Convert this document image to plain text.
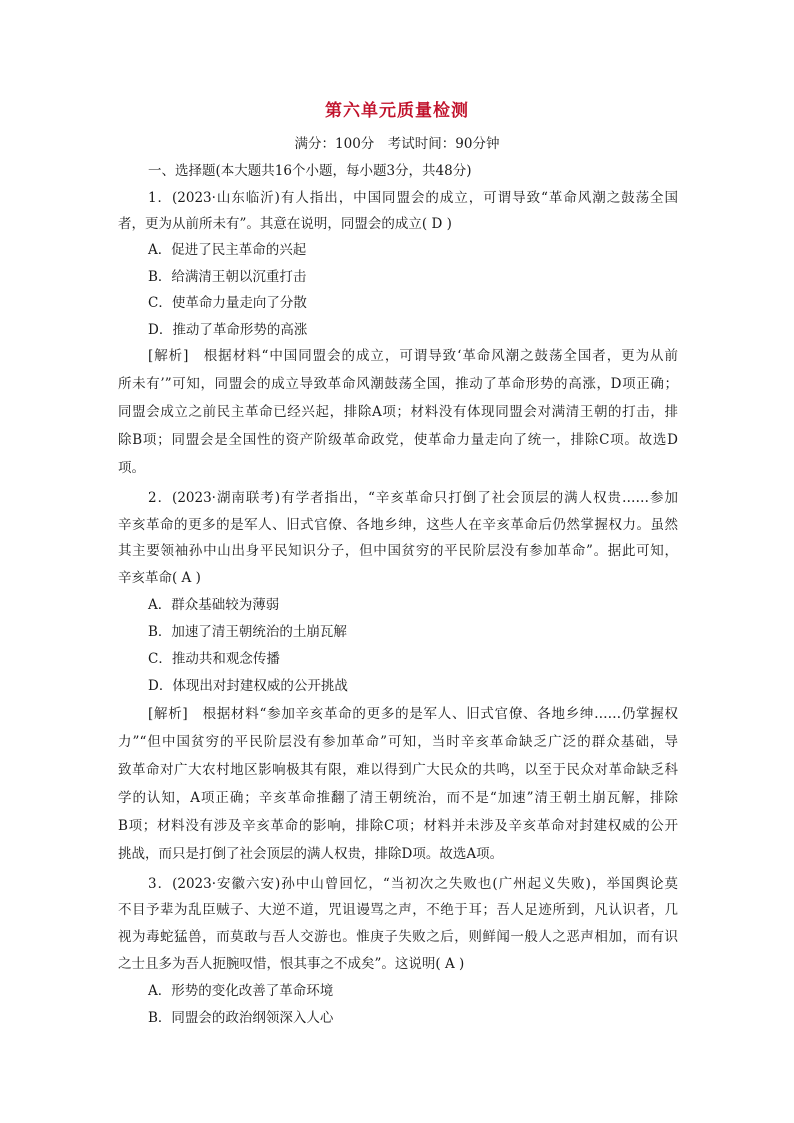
第六单元质量检测
满分：100分　考试时间：90分钟
一、选择题(本大题共16个小题，每小题3分，共48分)
1．(2023·山东临沂)有人指出，中国同盟会的成立，可谓导致“革命风潮之鼓荡全国
者，更为从前所未有”。其意在说明，同盟会的成立( D )
A．促进了民主革命的兴起
B．给满清王朝以沉重打击
C．使革命力量走向了分散
D．推动了革命形势的高涨
[解析]　根据材料“中国同盟会的成立，可谓导致‘革命风潮之鼓荡全国者，更为从前
所未有’”可知，同盟会的成立导致革命风潮鼓荡全国，推动了革命形势的高涨，D项正确；
同盟会成立之前民主革命已经兴起，排除A项；材料没有体现同盟会对满清王朝的打击，排
除B项；同盟会是全国性的资产阶级革命政党，使革命力量走向了统一，排除C项。故选D
项。
2．(2023·湖南联考)有学者指出，“辛亥革命只打倒了社会顶层的满人权贵……参加
辛亥革命的更多的是军人、旧式官僚、各地乡绅，这些人在辛亥革命后仍然掌握权力。虽然
其主要领袖孙中山出身平民知识分子，但中国贫穷的平民阶层没有参加革命”。据此可知，
辛亥革命( A )
A．群众基础较为薄弱
B．加速了清王朝统治的土崩瓦解
C．推动共和观念传播
D．体现出对封建权威的公开挑战
[解析]　根据材料“参加辛亥革命的更多的是军人、旧式官僚、各地乡绅……仍掌握权
力”“但中国贫穷的平民阶层没有参加革命”可知，当时辛亥革命缺乏广泛的群众基础，导
致革命对广大农村地区影响极其有限，难以得到广大民众的共鸣，以至于民众对革命缺乏科
学的认知，A项正确；辛亥革命推翻了清王朝统治，而不是“加速”清王朝土崩瓦解，排除
B项；材料没有涉及辛亥革命的影响，排除C项；材料并未涉及辛亥革命对封建权威的公开
挑战，而只是打倒了社会顶层的满人权贵，排除D项。故选A项。
3．(2023·安徽六安)孙中山曾回忆，“当初次之失败也(广州起义失败)，举国舆论莫
不目予辈为乱臣贼子、大逆不道，咒诅谩骂之声，不绝于耳；吾人足迹所到，凡认识者，几
视为毒蛇猛兽，而莫敢与吾人交游也。惟庚子失败之后，则鲜闻一般人之恶声相加，而有识
之士且多为吾人扼腕叹惜，恨其事之不成矣”。这说明( A )
A．形势的变化改善了革命环境
B．同盟会的政治纲领深入人心
